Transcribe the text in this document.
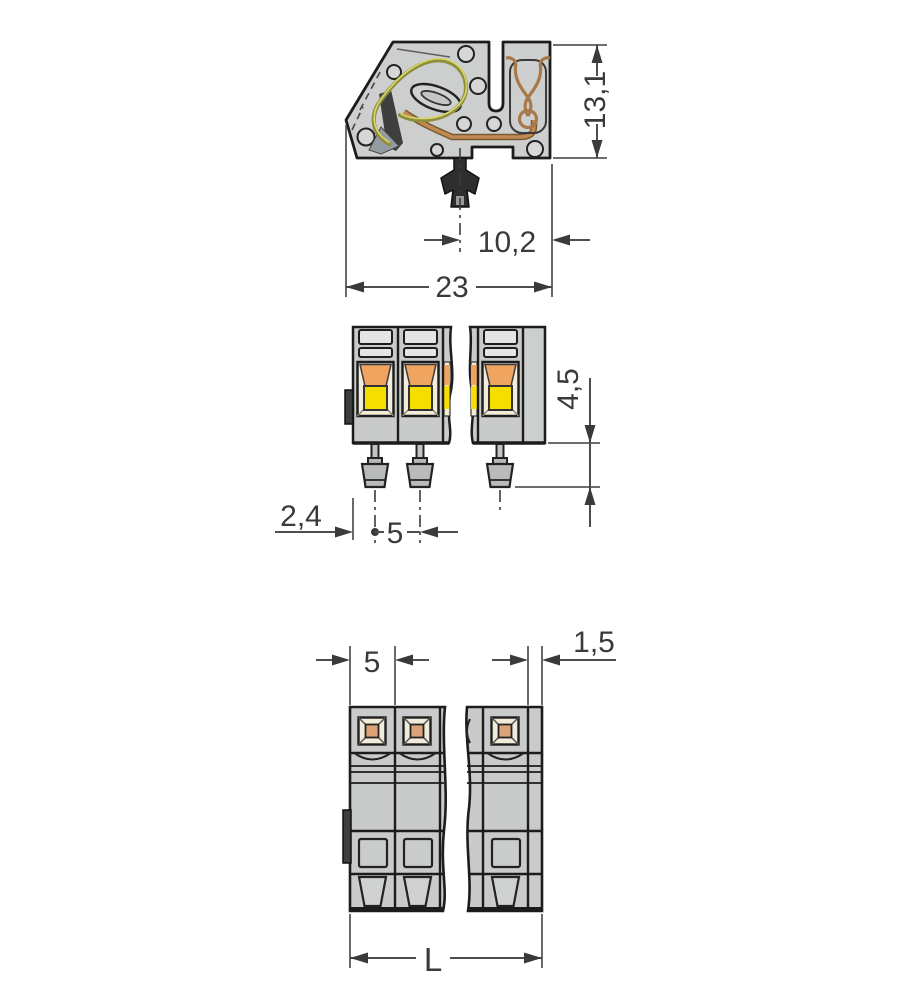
13,1
10,2
23
4,5
2,4
5
5
1,5
L
